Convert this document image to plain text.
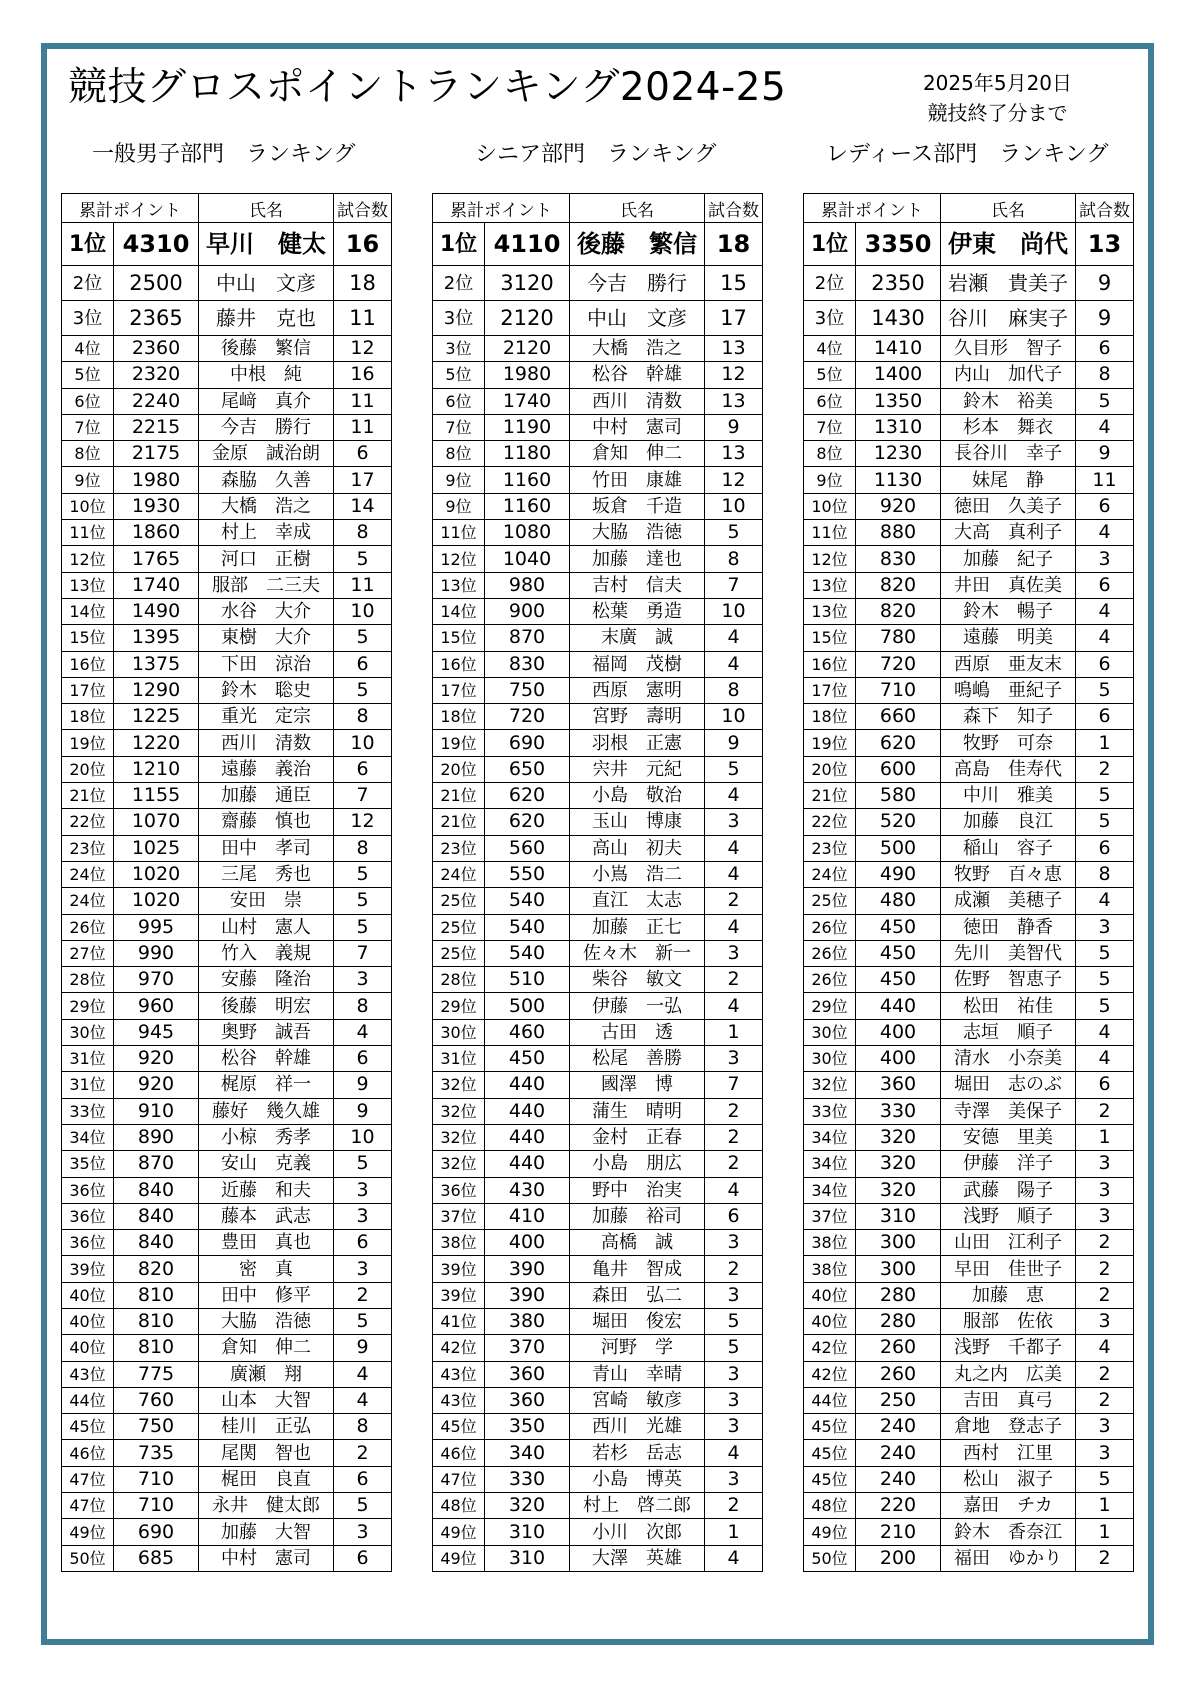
競技グロスポイントランキング2024-25	2025年5月20日
競技終了分まで
一般男子部門　ランキング	シニア部門　ランキング	レディース部門　ランキング
累計ポイント		氏名	試合数
1位	4310	早川　健太	16
2位	2500	中山　文彦	18
3位	2365	藤井　克也	11
4位	2360	後藤　繁信	12
5位	2320	中根　純	16
6位	2240	尾﨑　真介	11
7位	2215	今吉　勝行	11
8位	2175	金原　誠治朗	6
9位	1980	森脇　久善	17
10位	1930	大橋　浩之	14
11位	1860	村上　幸成	8
12位	1765	河口　正樹	5
13位	1740	服部　二三夫	11
14位	1490	水谷　大介	10
15位	1395	東樹　大介	5
16位	1375	下田　涼治	6
17位	1290	鈴木　聡史	5
18位	1225	重光　定宗	8
19位	1220	西川　清数	10
20位	1210	遠藤　義治	6
21位	1155	加藤　通臣	7
22位	1070	齋藤　慎也	12
23位	1025	田中　孝司	8
24位	1020	三尾　秀也	5
24位	1020	安田　崇	5
26位	995	山村　憲人	5
27位	990	竹入　義規	7
28位	970	安藤　隆治	3
29位	960	後藤　明宏	8
30位	945	奥野　誠吾	4
31位	920	松谷　幹雄	6
31位	920	梶原　祥一	9
33位	910	藤好　幾久雄	9
34位	890	小椋　秀孝	10
35位	870	安山　克義	5
36位	840	近藤　和夫	3
36位	840	藤本　武志	3
36位	840	豊田　真也	6
39位	820	密　真	3
40位	810	田中　修平	2
40位	810	大脇　浩徳	5
40位	810	倉知　伸二	9
43位	775	廣瀬　翔	4
44位	760	山本　大智	4
45位	750	桂川　正弘	8
46位	735	尾関　智也	2
47位	710	梶田　良直	6
47位	710	永井　健太郎	5
49位	690	加藤　大智	3
50位	685	中村　憲司	6
累計ポイント		氏名	試合数
1位	4110	後藤　繁信	18
2位	3120	今吉　勝行	15
3位	2120	中山　文彦	17
3位	2120	大橋　浩之	13
5位	1980	松谷　幹雄	12
6位	1740	西川　清数	13
7位	1190	中村　憲司	9
8位	1180	倉知　伸二	13
9位	1160	竹田　康雄	12
9位	1160	坂倉　千造	10
11位	1080	大脇　浩徳	5
12位	1040	加藤　達也	8
13位	980	吉村　信夫	7
14位	900	松葉　勇造	10
15位	870	末廣　誠	4
16位	830	福岡　茂樹	4
17位	750	西原　憲明	8
18位	720	宮野　壽明	10
19位	690	羽根　正憲	9
20位	650	宍井　元紀	5
21位	620	小島　敬治	4
21位	620	玉山　博康	3
23位	560	高山　初夫	4
24位	550	小嶌　浩二	4
25位	540	直江　太志	2
25位	540	加藤　正七	4
25位	540	佐々木　新一	3
28位	510	柴谷　敏文	2
29位	500	伊藤　一弘	4
30位	460	古田　透	1
31位	450	松尾　善勝	3
32位	440	國澤　博	7
32位	440	蒲生　晴明	2
32位	440	金村　正春	2
32位	440	小島　朋広	2
36位	430	野中　治実	4
37位	410	加藤　裕司	6
38位	400	高橋　誠	3
39位	390	亀井　智成	2
39位	390	森田　弘二	3
41位	380	堀田　俊宏	5
42位	370	河野　学	5
43位	360	青山　幸晴	3
43位	360	宮崎　敏彦	3
45位	350	西川　光雄	3
46位	340	若杉　岳志	4
47位	330	小島　博英	3
48位	320	村上　啓二郎	2
49位	310	小川　次郎	1
49位	310	大澤　英雄	4
累計ポイント		氏名	試合数
1位	3350	伊東　尚代	13
2位	2350	岩瀬　貴美子	9
3位	1430	谷川　麻実子	9
4位	1410	久目形　智子	6
5位	1400	内山　加代子	8
6位	1350	鈴木　裕美	5
7位	1310	杉本　舞衣	4
8位	1230	長谷川　幸子	9
9位	1130	妹尾　静	11
10位	920	徳田　久美子	6
11位	880	大高　真利子	4
12位	830	加藤　紀子	3
13位	820	井田　真佐美	6
13位	820	鈴木　暢子	4
15位	780	遠藤　明美	4
16位	720	西原　亜友末	6
17位	710	鳴嶋　亜紀子	5
18位	660	森下　知子	6
19位	620	牧野　可奈	1
20位	600	高島　佳寿代	2
21位	580	中川　雅美	5
22位	520	加藤　良江	5
23位	500	稲山　容子	6
24位	490	牧野　百々恵	8
25位	480	成瀬　美穂子	4
26位	450	徳田　静香	3
26位	450	先川　美智代	5
26位	450	佐野　智恵子	5
29位	440	松田　祐佳	5
30位	400	志垣　順子	4
30位	400	清水　小奈美	4
32位	360	堀田　志のぶ	6
33位	330	寺澤　美保子	2
34位	320	安德　里美	1
34位	320	伊藤　洋子	3
34位	320	武藤　陽子	3
37位	310	浅野　順子	3
38位	300	山田　江利子	2
38位	300	早田　佳世子	2
40位	280	加藤　恵	2
40位	280	服部　佐依	3
42位	260	浅野　千都子	4
42位	260	丸之内　広美	2
44位	250	吉田　真弓	2
45位	240	倉地　登志子	3
45位	240	西村　江里	3
45位	240	松山　淑子	5
48位	220	嘉田　チカ	1
49位	210	鈴木　香奈江	1
50位	200	福田　ゆかり	2
